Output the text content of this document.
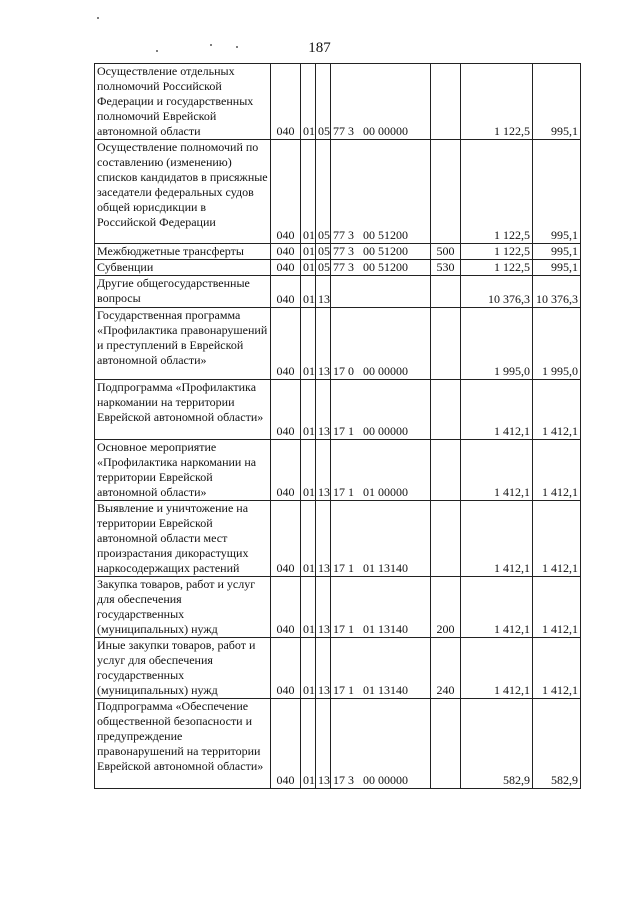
187
Осуществление отдельных полномочий Российской Федерации и государственных полномочий Еврейской автономной области	040	01	05	77 3   00 00000		1 122,5	995,1
Осуществление полномочий по составлению (изменению) списков кандидатов в присяжные заседатели федеральных судов общей юрисдикции в Российской Федерации	040	01	05	77 3   00 51200		1 122,5	995,1
Межбюджетные трансферты	040	01	05	77 3   00 51200	500	1 122,5	995,1
Субвенции	040	01	05	77 3   00 51200	530	1 122,5	995,1
Другие общегосударственные вопросы	040	01	13			10 376,3	10 376,3
Государственная программа «Профилактика правонарушений и преступлений в Еврейской автономной области»	040	01	13	17 0   00 00000		1 995,0	1 995,0
Подпрограмма «Профилактика наркомании на территории Еврейской автономной области»	040	01	13	17 1   00 00000		1 412,1	1 412,1
Основное мероприятие «Профилактика наркомании на территории Еврейской автономной области»	040	01	13	17 1   01 00000		1 412,1	1 412,1
Выявление и уничтожение на территории Еврейской автономной области мест произрастания дикорастущих наркосодержащих растений	040	01	13	17 1   01 13140		1 412,1	1 412,1
Закупка товаров, работ и услуг для обеспечения государственных (муниципальных) нужд	040	01	13	17 1   01 13140	200	1 412,1	1 412,1
Иные закупки товаров, работ и услуг для обеспечения государственных (муниципальных) нужд	040	01	13	17 1   01 13140	240	1 412,1	1 412,1
Подпрограмма «Обеспечение общественной безопасности и предупреждение правонарушений на территории Еврейской автономной области»	040	01	13	17 3   00 00000		582,9	582,9
